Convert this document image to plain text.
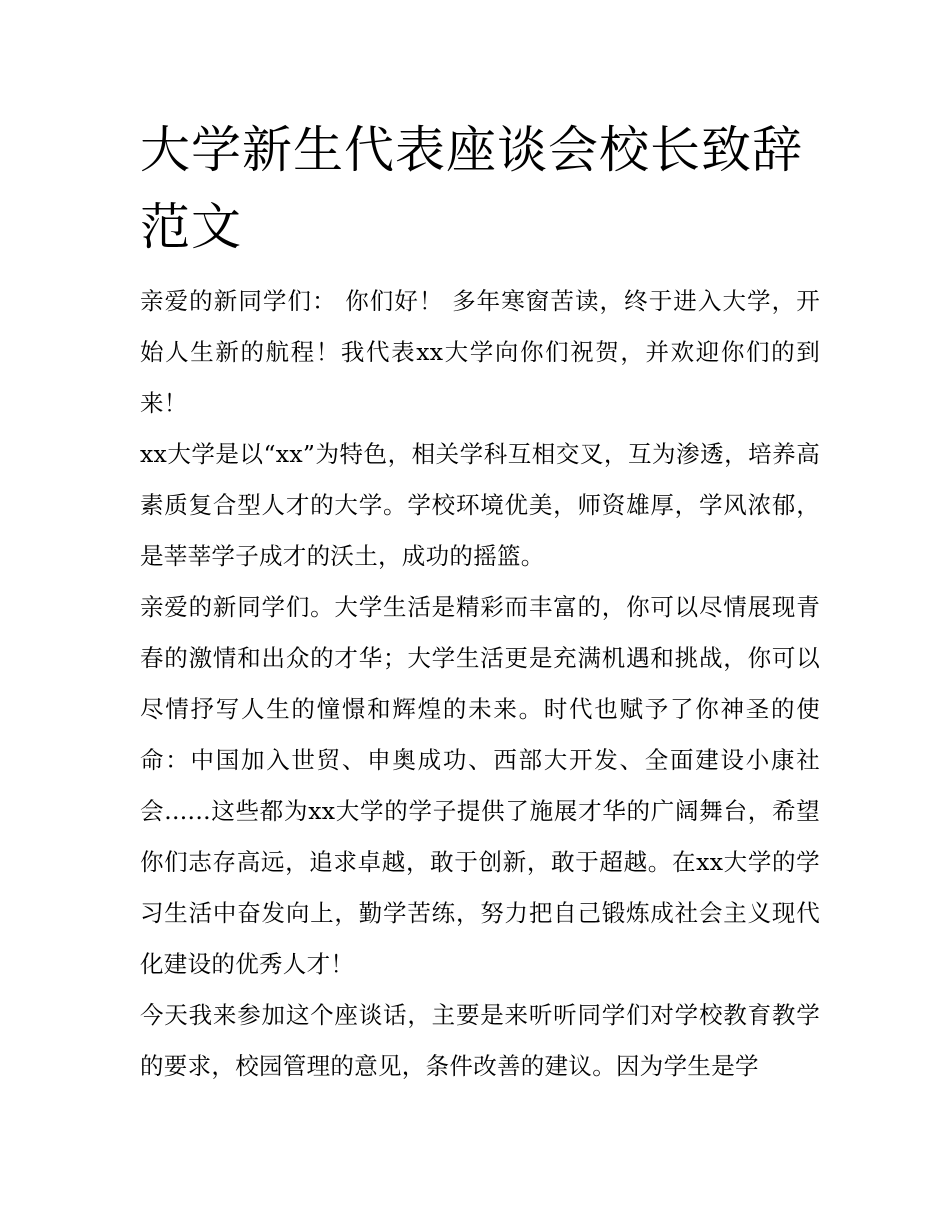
大学新生代表座谈会校长致辞范文

亲爱的新同学们： 你们好！ 多年寒窗苦读，终于进入大学，开始人生新的航程！我代表xx大学向你们祝贺，并欢迎你们的到来！

xx大学是以“xx”为特色，相关学科互相交叉，互为渗透，培养高素质复合型人才的大学。学校环境优美，师资雄厚，学风浓郁，是莘莘学子成才的沃土，成功的摇篮。

亲爱的新同学们。大学生活是精彩而丰富的，你可以尽情展现青春的激情和出众的才华；大学生活更是充满机遇和挑战，你可以尽情抒写人生的憧憬和辉煌的未来。时代也赋予了你神圣的使命：中国加入世贸、申奥成功、西部大开发、全面建设小康社会......这些都为xx大学的学子提供了施展才华的广阔舞台，希望你们志存高远，追求卓越，敢于创新，敢于超越。在xx大学的学习生活中奋发向上，勤学苦练，努力把自己锻炼成社会主义现代化建设的优秀人才！

今天我来参加这个座谈话，主要是来听听同学们对学校教育教学的要求，校园管理的意见，条件改善的建议。因为学生是学
